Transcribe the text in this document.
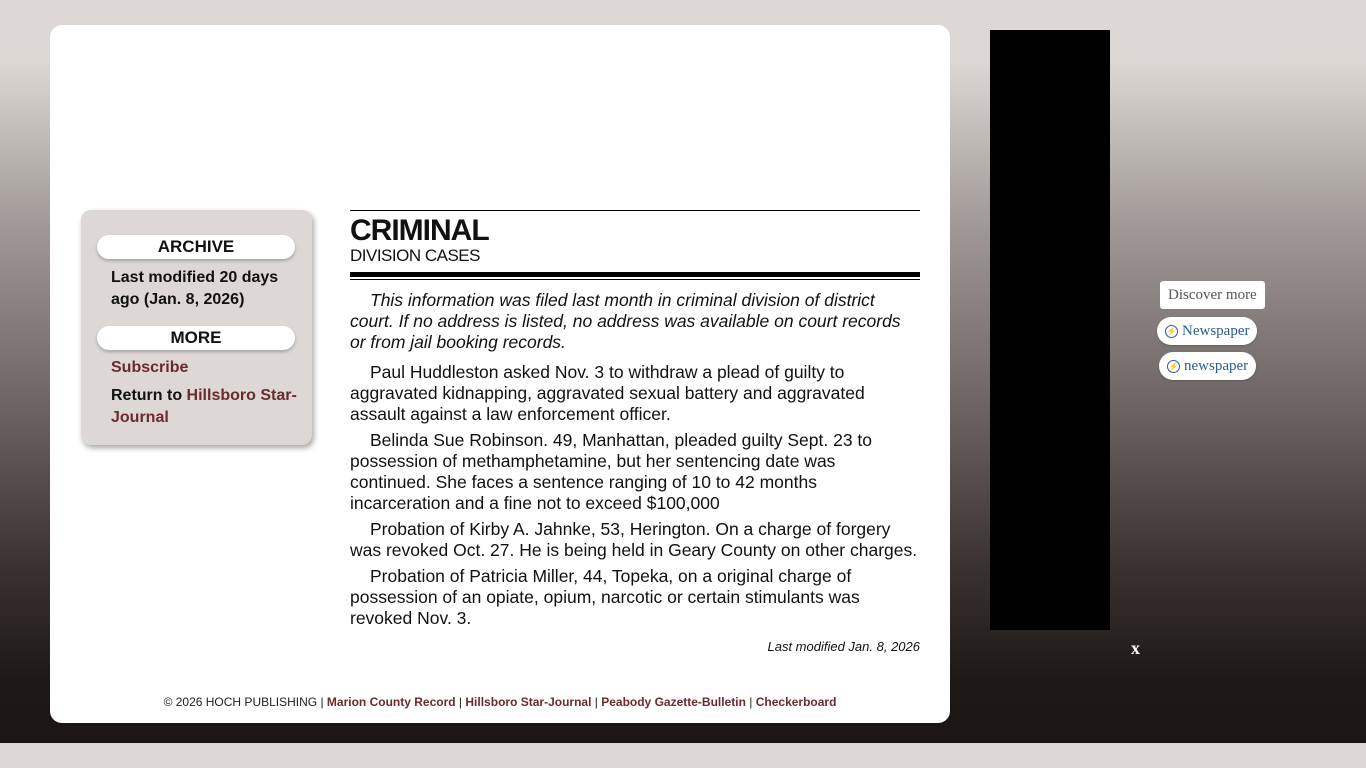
ARCHIVE
Last modified 20 days ago (Jan. 8, 2026)
MORE
Subscribe
Return to Hillsboro Star-Journal
CRIMINAL
DIVISION CASES

This information was filed last month in criminal division of district court. If no address is listed, no address was available on court records or from jail booking records.

Paul Huddleston asked Nov. 3 to withdraw a plead of guilty to aggravated kidnapping, aggravated sexual battery and aggravated assault against a law enforcement officer.

Belinda Sue Robinson. 49, Manhattan, pleaded guilty Sept. 23 to possession of methamphetamine, but her sentencing date was continued. She faces a sentence ranging of 10 to 42 months incarceration and a fine not to exceed $100,000

Probation of Kirby A. Jahnke, 53, Herington. On a charge of forgery was revoked Oct. 27. He is being held in Geary County on other charges.

Probation of Patricia Miller, 44, Topeka, on a original charge of possession of an opiate, opium, narcotic or certain stimulants was revoked Nov. 3.

Last modified Jan. 8, 2026
© 2026 HOCH PUBLISHING | Marion County Record | Hillsboro Star-Journal | Peabody Gazette-Bulletin | Checkerboard
x
Discover more
⚡ Newspaper
⚡ newspaper
